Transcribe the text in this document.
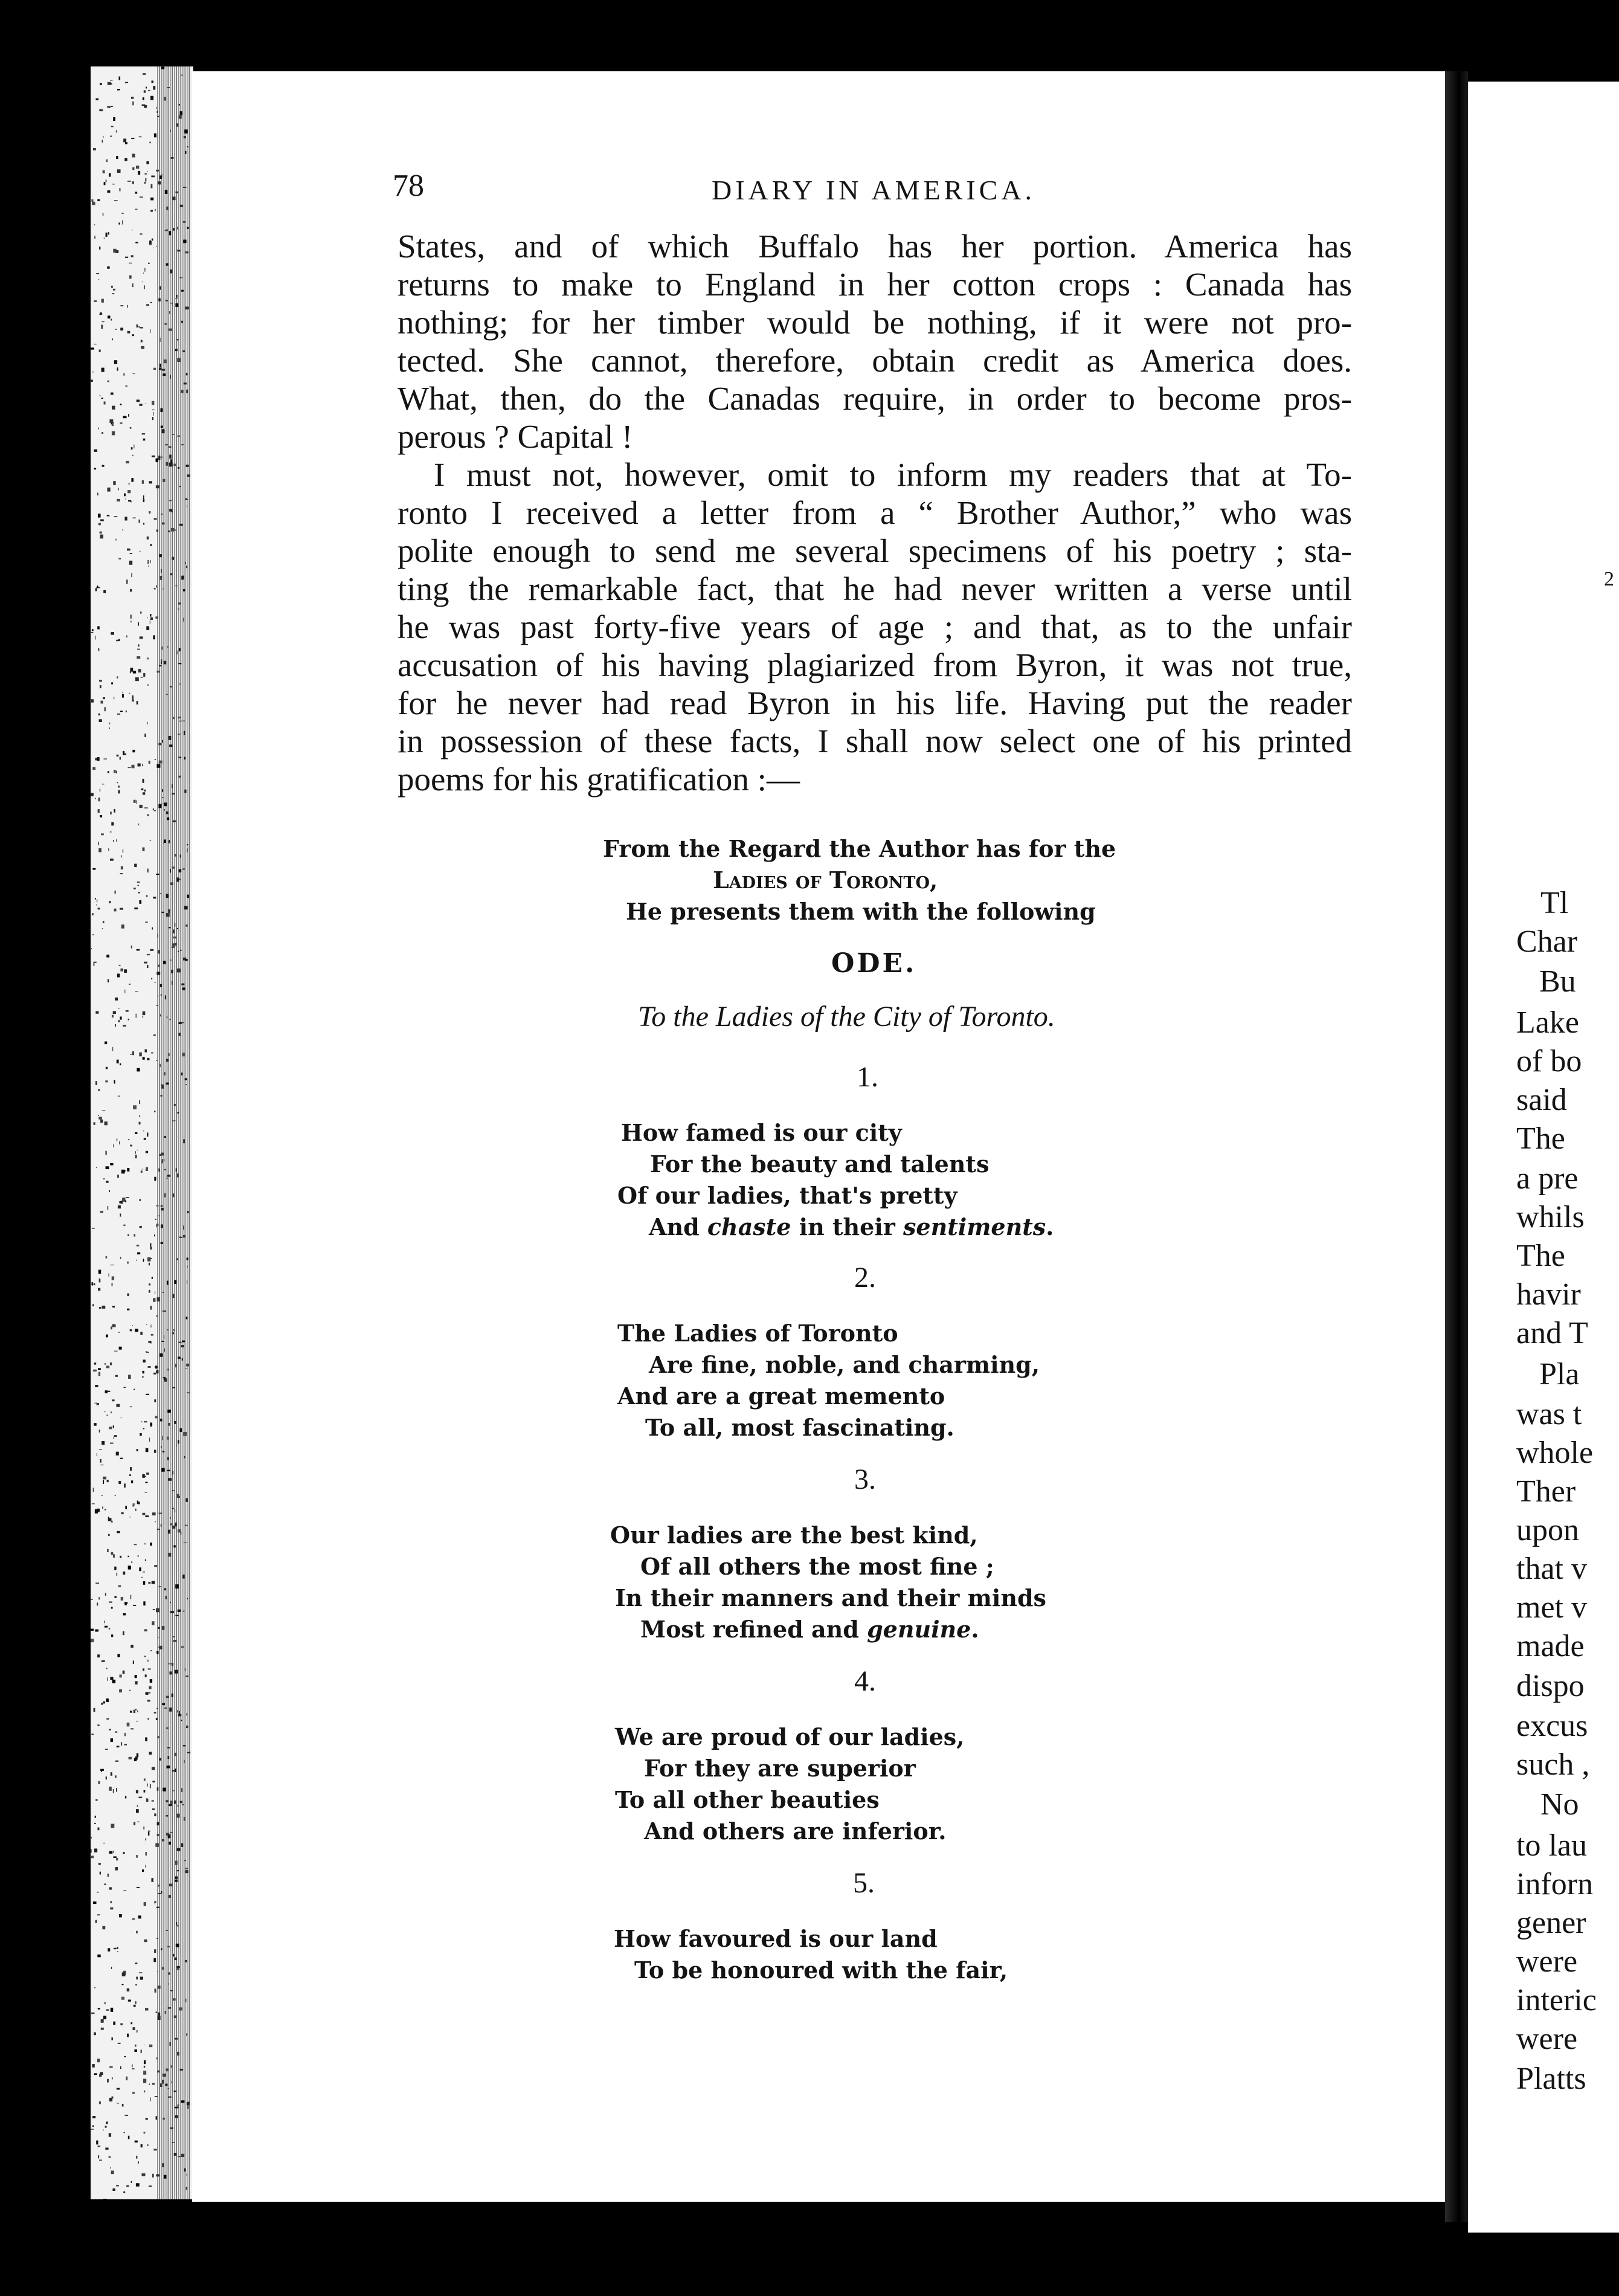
78	DIARY IN AMERICA.
States, and of which Buffalo has her portion. America has
returns to make to England in her cotton crops : Canada has
nothing; for her timber would be nothing, if it were not pro-
tected. She cannot, therefore, obtain credit as America does.
What, then, do the Canadas require, in order to become pros-
perous ? Capital !
I must not, however, omit to inform my readers that at To-
ronto I received a letter from a “ Brother Author,” who was
polite enough to send me several specimens of his poetry ; sta-
ting the remarkable fact, that he had never written a verse until
he was past forty-five years of age ; and that, as to the unfair
accusation of his having plagiarized from Byron, it was not true,
for he never had read Byron in his life. Having put the reader
in possession of these facts, I shall now select one of his printed
poems for his gratification :—
From the Regard the Author has for the
Ladies of Toronto,
He presents them with the following
ODE.
To the Ladies of the City of Toronto.
1.
How famed is our city
For the beauty and talents
Of our ladies, that's pretty
And chaste in their sentiments.
2.
The Ladies of Toronto
Are fine, noble, and charming,
And are a great memento
To all, most fascinating.
3.
Our ladies are the best kind,
Of all others the most fine ;
In their manners and their minds
Most refined and genuine.
4.
We are proud of our ladies,
For they are superior
To all other beauties
And others are inferior.
5.
How favoured is our land
To be honoured with the fair,
2
Tl
Char
Bu
Lake
of bo
said
The
a pre
whils
The
havir
and T
Pla
was t
whole
Ther
upon
that v
met v
made
dispo
excus
such ,
No
to lau
inforn
gener
were
interic
were
Platts
